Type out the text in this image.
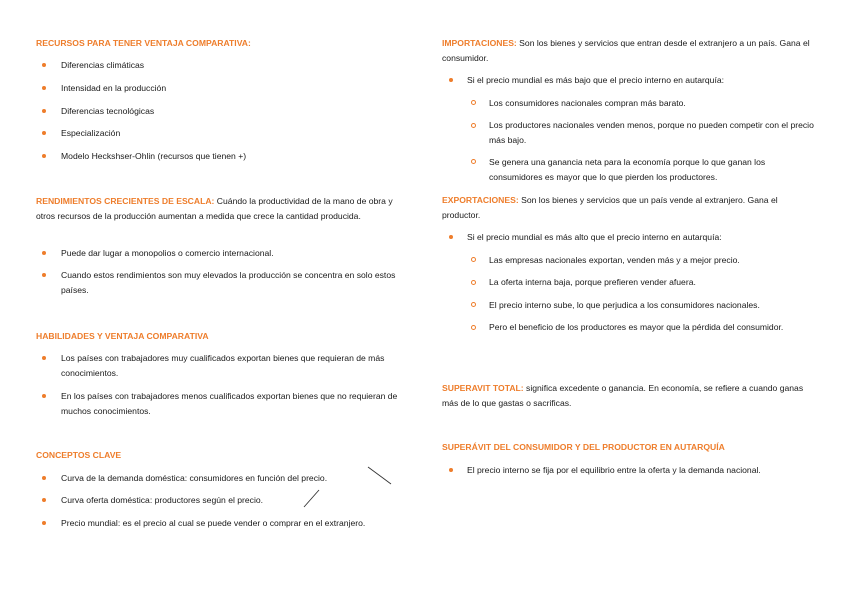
RECURSOS PARA TENER VENTAJA COMPARATIVA:
Diferencias climáticas
Intensidad en la producción
Diferencias tecnológicas
Especialización
Modelo Heckshser-Ohlin (recursos que tienen +)
RENDIMIENTOS CRECIENTES DE ESCALA: Cuándo la productividad de la mano de obra y otros recursos de la producción aumentan a medida que crece la cantidad producida.
Puede dar lugar a monopolios o comercio internacional.
Cuando estos rendimientos son muy elevados la producción se concentra en solo estos países.
HABILIDADES Y VENTAJA COMPARATIVA
Los países con trabajadores muy cualificados exportan bienes que requieran de más conocimientos.
En los países con trabajadores menos cualificados exportan bienes que no requieran de muchos conocimientos.
CONCEPTOS CLAVE
Curva de la demanda doméstica: consumidores en función del precio.
Curva oferta doméstica: productores según el precio.
Precio mundial: es el precio al cual se puede vender o comprar en el extranjero.
IMPORTACIONES: Son los bienes y servicios que entran desde el extranjero a un país. Gana el consumidor.
Si el precio mundial es más bajo que el precio interno en autarquía:
Los consumidores nacionales compran más barato.
Los productores nacionales venden menos, porque no pueden competir con el precio más bajo.
Se genera una ganancia neta para la economía porque lo que ganan los consumidores es mayor que lo que pierden los productores.
EXPORTACIONES: Son los bienes y servicios que un país vende al extranjero. Gana el productor.
Si el precio mundial es más alto que el precio interno en autarquía:
Las empresas nacionales exportan, venden más y a mejor precio.
La oferta interna baja, porque prefieren vender afuera.
El precio interno sube, lo que perjudica a los consumidores nacionales.
Pero el beneficio de los productores es mayor que la pérdida del consumidor.
SUPERAVIT TOTAL: significa excedente o ganancia. En economía, se refiere a cuando ganas más de lo que gastas o sacrificas.
SUPERÁVIT DEL CONSUMIDOR Y DEL PRODUCTOR EN AUTARQUÍA
El precio interno se fija por el equilibrio entre la oferta y la demanda nacional.
